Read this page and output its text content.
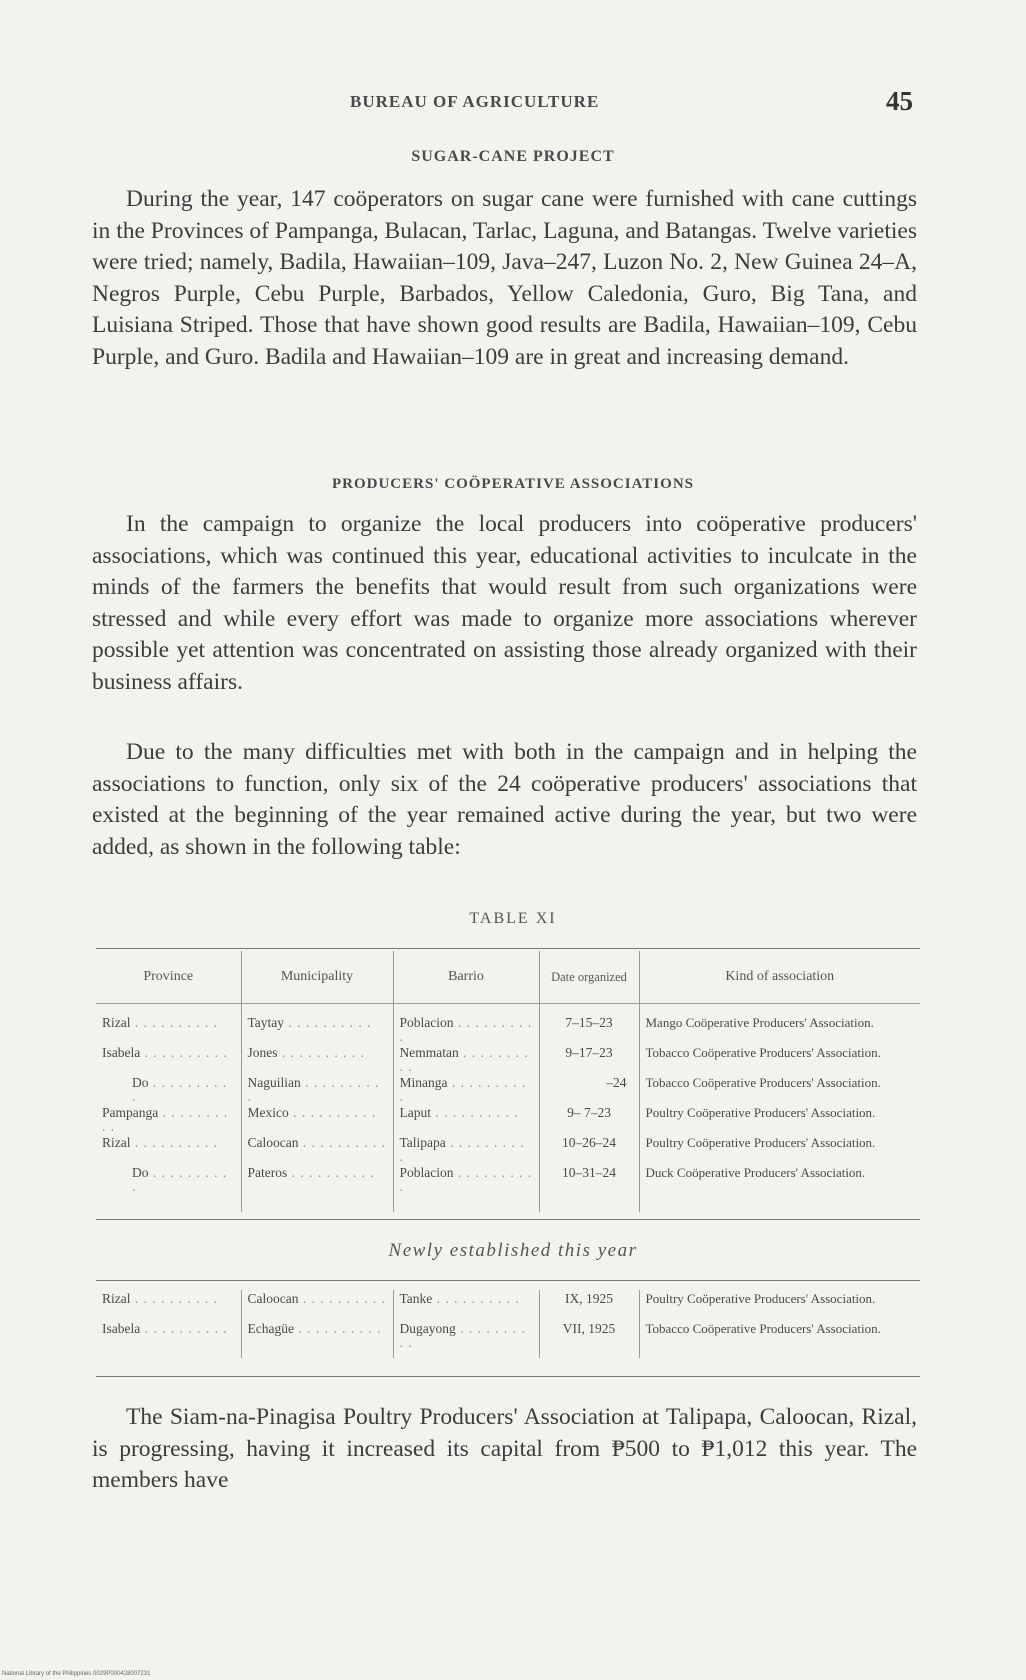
BUREAU OF AGRICULTURE	45
SUGAR-CANE PROJECT
During the year, 147 coöperators on sugar cane were furnished with cane cuttings in the Provinces of Pampanga, Bulacan, Tarlac, Laguna, and Batangas. Twelve varieties were tried; namely, Badila, Hawaiian–109, Java–247, Luzon No. 2, New Guinea 24–A, Negros Purple, Cebu Purple, Barbados, Yellow Caledonia, Guro, Big Tana, and Luisiana Striped. Those that have shown good results are Badila, Hawaiian–109, Cebu Purple, and Guro. Badila and Hawaiian–109 are in great and increasing demand.
PRODUCERS' COÖPERATIVE ASSOCIATIONS
In the campaign to organize the local producers into coöperative producers' associations, which was continued this year, educational activities to inculcate in the minds of the farmers the benefits that would result from such organizations were stressed and while every effort was made to organize more associations wherever possible yet attention was concentrated on assisting those already organized with their business affairs.
Due to the many difficulties met with both in the campaign and in helping the associations to function, only six of the 24 coöperative producers' associations that existed at the beginning of the year remained active during the year, but two were added, as shown in the following table:
TABLE XI
Province	Municipality	Barrio	Date organized	Kind of association

Rizal . . .	Taytay . . .	Poblacion . . .	7–15–23	Mango Coöperative Producers' Association.
Isabela . . .	Jones . . .	Nemmatan . . .	9–17–23	Tobacco Coöperative Producers' Association.
Do . . .	Naguilian . . .	Minanga . . .	–24	Tobacco Coöperative Producers' Association.
Pampanga . . .	Mexico . . .	Laput . . .	9– 7–23	Poultry Coöperative Producers' Association.
Rizal . . .	Caloocan . . .	Talipapa . . .	10–26–24	Poultry Coöperative Producers' Association.
Do . . .	Pateros . . .	Poblacion . . .	10–31–24	Duck Coöperative Producers' Association.

Newly established this year
Rizal . . .	Caloocan . . .	Tanke . . .	IX, 1925	Poultry Coöperative Producers' Association.
Isabela . . .	Echagüe . . .	Dugayong . . .	VII, 1925	Tobacco Coöperative Producers' Association.

The Siam-na-Pinagisa Poultry Producers' Association at Talipapa, Caloocan, Rizal, is progressing, having it increased its capital from ₱500 to ₱1,012 this year. The members have
National Library of the Philippines 0029P000428007231
